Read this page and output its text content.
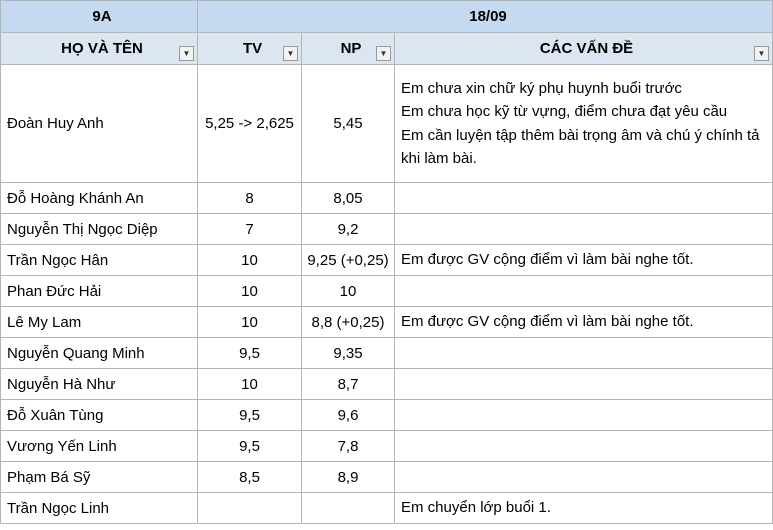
9A	18/09		
HỌ VÀ TÊN ▼	TV ▼	NP ▼	CÁC VẤN ĐỀ ▼

Đoàn Huy Anh	5,25 -> 2,625	5,45	Em chưa xin chữ ký phụ huynh buổi trước
Em chưa học kỹ từ vựng, điểm chưa đạt yêu cầu
Em cần luyện tập thêm bài trọng âm và chú ý chính tả khi làm bài.
Đỗ Hoàng Khánh An	8	8,05	
Nguyễn Thị Ngọc Diệp	7	9,2	
Trần Ngọc Hân	10	9,25 (+0,25)	Em được GV cộng điểm vì làm bài nghe tốt.
Phan Đức Hải	10	10	
Lê My Lam	10	8,8 (+0,25)	Em được GV cộng điểm vì làm bài nghe tốt.
Nguyễn Quang Minh	9,5	9,35	
Nguyễn Hà Như	10	8,7	
Đỗ Xuân Tùng	9,5	9,6	
Vương Yến Linh	9,5	7,8	
Phạm Bá Sỹ	8,5	8,9	
Trần Ngọc Linh			Em chuyển lớp buổi 1.
